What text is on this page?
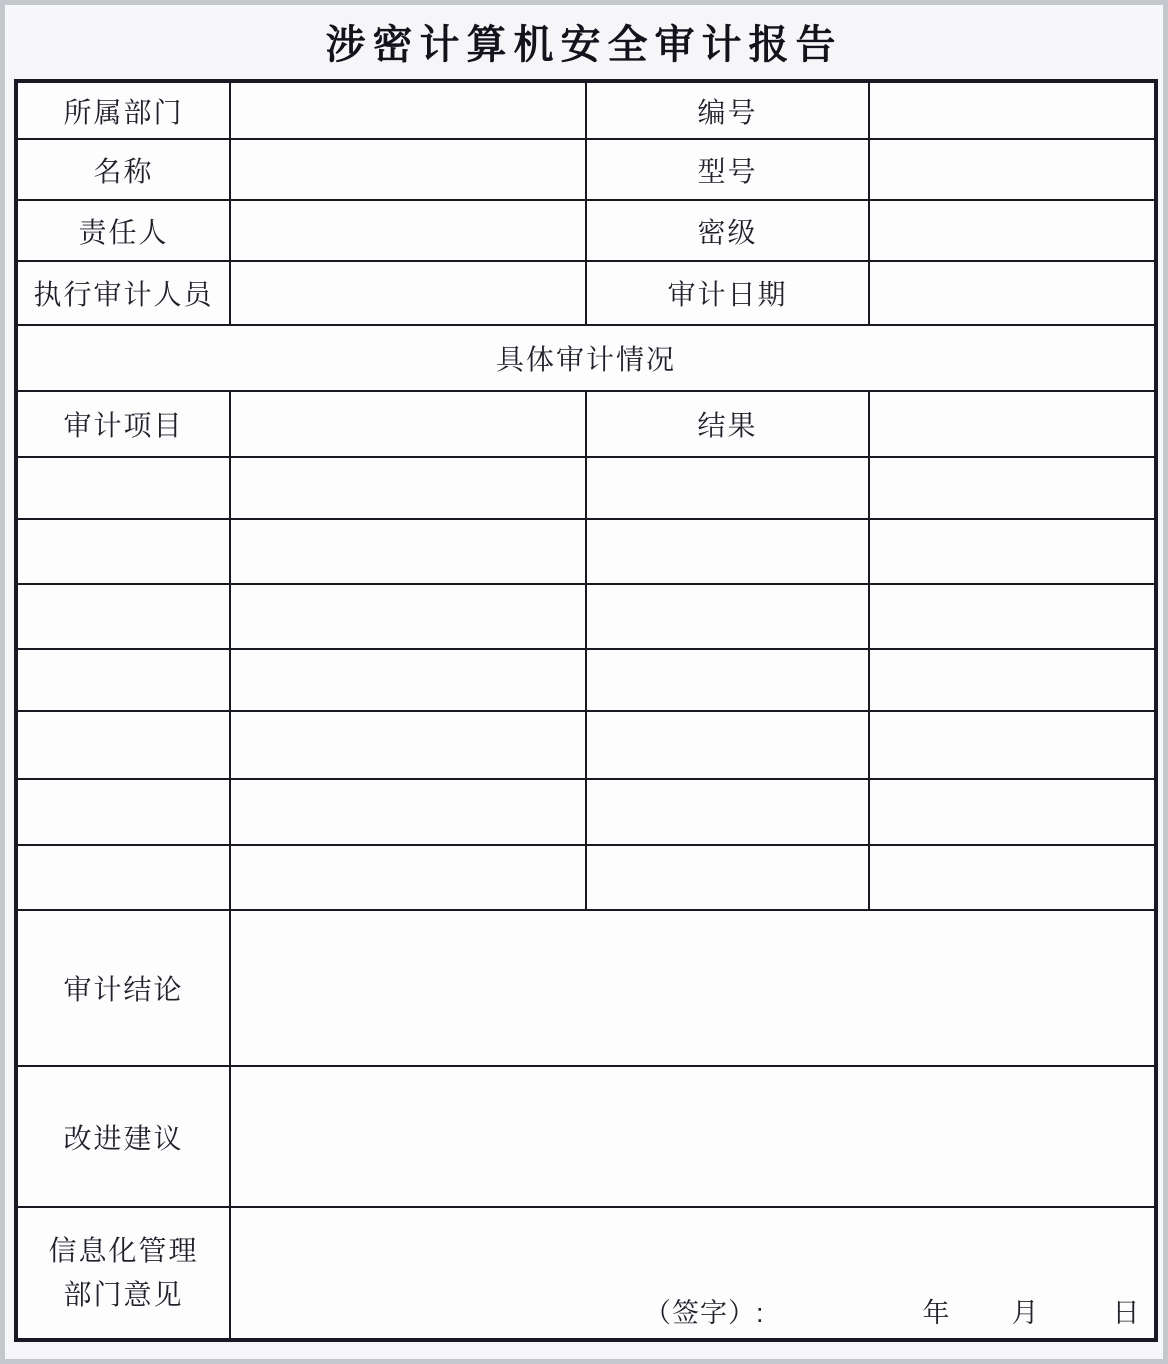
涉密计算机安全审计报告
所属部门		编号	
名称		型号	
责任人		密级	
执行审计人员		审计日期	
具体审计情况			
审计项目		结果	

审计结论			
改进建议			

信息化管理
部门意见

（签字）:	年 月	日
